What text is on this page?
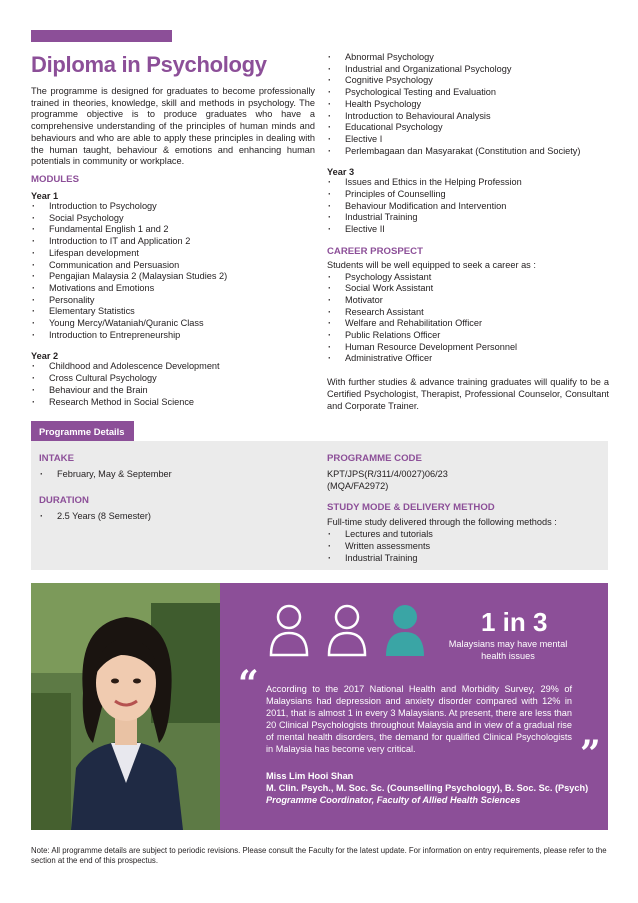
Diploma in Psychology

The programme is designed for graduates to become professionally trained in theories, knowledge, skill and methods in psychology. The programme objective is to produce graduates who have a comprehensive understanding of the principles of human minds and behaviours and who are able to apply these principles in dealing with the human taught, behaviour & emotions and enhancing human potentials in community or workplace.

MODULES
Year 1
· Introduction to Psychology
· Social Psychology
· Fundamental English 1 and 2
· Introduction to IT and Application 2
· Lifespan development
· Communication and Persuasion
· Pengajian Malaysia 2 (Malaysian Studies 2)
· Motivations and Emotions
· Personality
· Elementary Statistics
· Young Mercy/Wataniah/Quranic Class
· Introduction to Entrepreneurship
Year 2
· Childhood and Adolescence Development
· Cross Cultural Psychology
· Behaviour and the Brain
· Research Method in Social Science
· Abnormal Psychology
· Industrial and Organizational Psychology
· Cognitive Psychology
· Psychological Testing and Evaluation
· Health Psychology
· Introduction to Behavioural Analysis
· Educational Psychology
· Elective I
· Perlembagaan dan Masyarakat (Constitution and Society)
Year 3
· Issues and Ethics in the Helping Profession
· Principles of Counselling
· Behaviour Modification and Intervention
· Industrial Training
· Elective II
CAREER PROSPECT
Students will be well equipped to seek a career as :
· Psychology Assistant
· Social Work Assistant
· Motivator
· Research Assistant
· Welfare and Rehabilitation Officer
· Public Relations Officer
· Human Resource Development Personnel
· Administrative Officer

With further studies & advance training graduates will qualify to be a Certified Psychologist, Therapist, Professional Counselor, Consultant and Corporate Trainer.

Programme Details
INTAKE
· February, May & September
DURATION
· 2.5 Years (8 Semester)
PROGRAMME CODE
KPT/JPS(R/311/4/0027)06/23
(MQA/FA2972)
STUDY MODE & DELIVERY METHOD
Full-time study delivered through the following methods :
· Lectures and tutorials
· Written assessments
· Industrial Training
1 in 3
Malaysians may have mental health issues
“ According to the 2017 National Health and Morbidity Survey, 29% of Malaysians had depression and anxiety disorder compared with 12% in 2011, that is almost 1 in every 3 Malaysians. At present, there are less than 20 Clinical Psychologists throughout Malaysia and in view of a gradual rise of mental health disorders, the demand for qualified Clinical Psychologists in Malaysia has become very critical.	”
Miss Lim Hooi Shan
M. Clin. Psych., M. Soc. Sc. (Counselling Psychology), B. Soc. Sc. (Psych)
Programme Coordinator, Faculty of Allied Health Sciences

Note: All programme details are subject to periodic revisions. Please consult the Faculty for the latest update. For information on entry requirements, please refer to the section at the end of this prospectus.
